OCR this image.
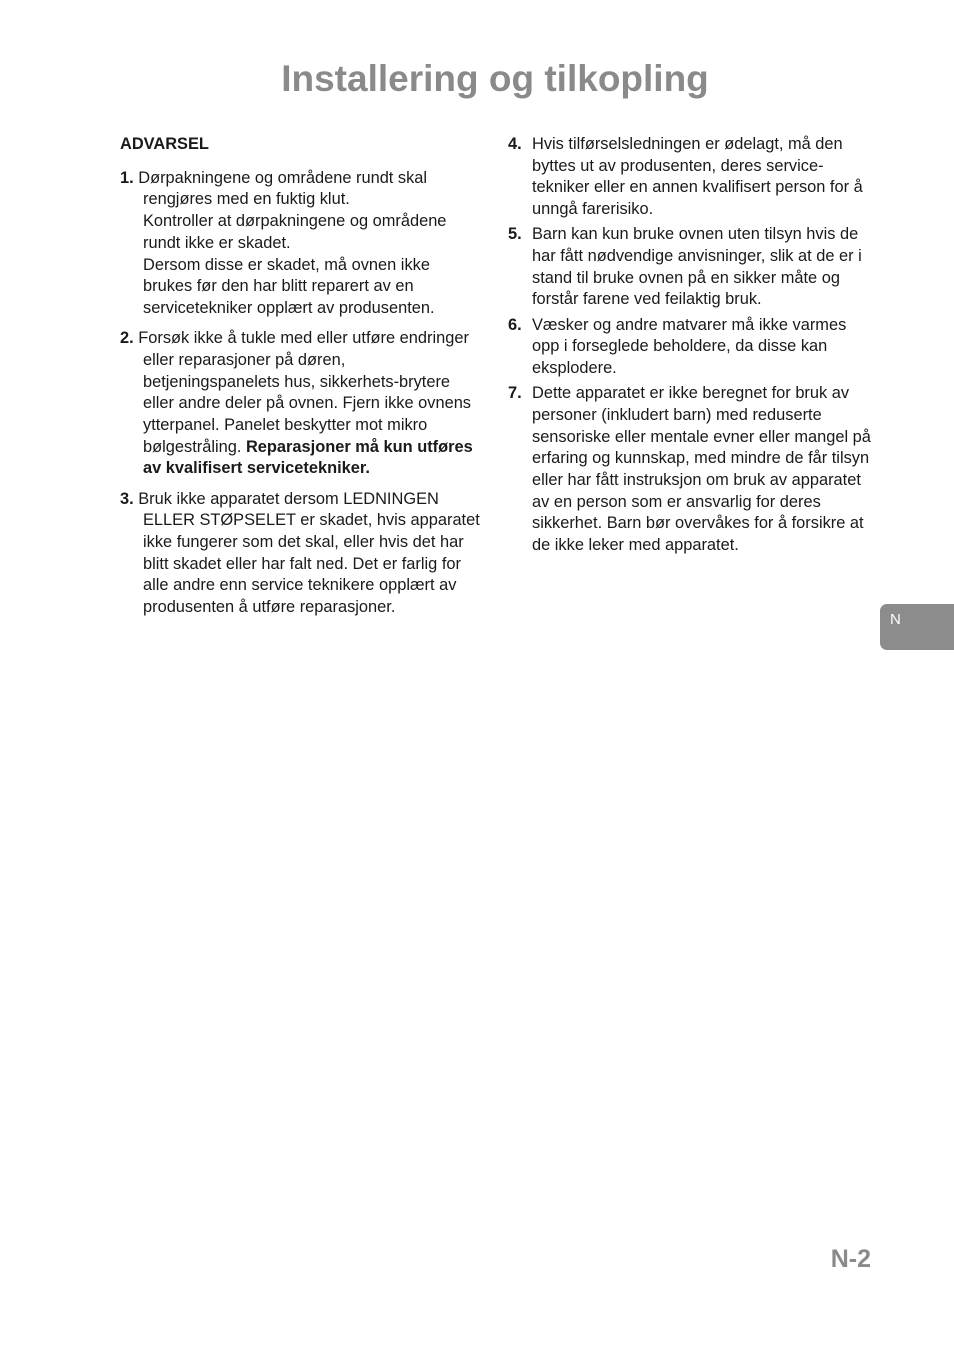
Installering og tilkopling
ADVARSEL
1. Dørpakningene og områdene rundt skal rengjøres med en fuktig klut.
Kontroller at dørpakningene og områdene rundt ikke er skadet.
Dersom disse er skadet, må ovnen ikke brukes før den har blitt reparert av en servicetekniker opplært av produsenten.
2. Forsøk ikke å tukle med eller utføre endringer eller reparasjoner på døren, betjeningspanelets hus, sikkerhets-brytere eller andre deler på ovnen. Fjern ikke ovnens ytterpanel. Panelet beskytter mot mikro bølgestråling. Reparasjoner må kun utføres av kvalifisert servicetekniker.
3. Bruk ikke apparatet dersom LEDNINGEN ELLER STØPSELET er skadet, hvis apparatet ikke fungerer som det skal, eller hvis det har blitt skadet eller har falt ned. Det er farlig for alle andre enn service teknikere opplært av produsenten å utføre reparasjoner.
4. Hvis tilførselsledningen er ødelagt, må den byttes ut av produsenten, deres service-tekniker eller en annen kvalifisert person for å unngå farerisiko.
5. Barn kan kun bruke ovnen uten tilsyn hvis de har fått nødvendige anvisninger, slik at de er i stand til bruke ovnen på en sikker måte og forstår farene ved feilaktig bruk.
6. Væsker og andre matvarer må ikke varmes opp i forseglede beholdere, da disse kan eksplodere.
7. Dette apparatet er ikke beregnet for bruk av personer (inkludert barn) med reduserte sensoriske eller mentale evner eller mangel på erfaring og kunnskap, med mindre de får tilsyn eller har fått instruksjon om bruk av apparatet av en person som er ansvarlig for deres sikkerhet. Barn bør overvåkes for å forsikre at de ikke leker med apparatet.
N
N-2
